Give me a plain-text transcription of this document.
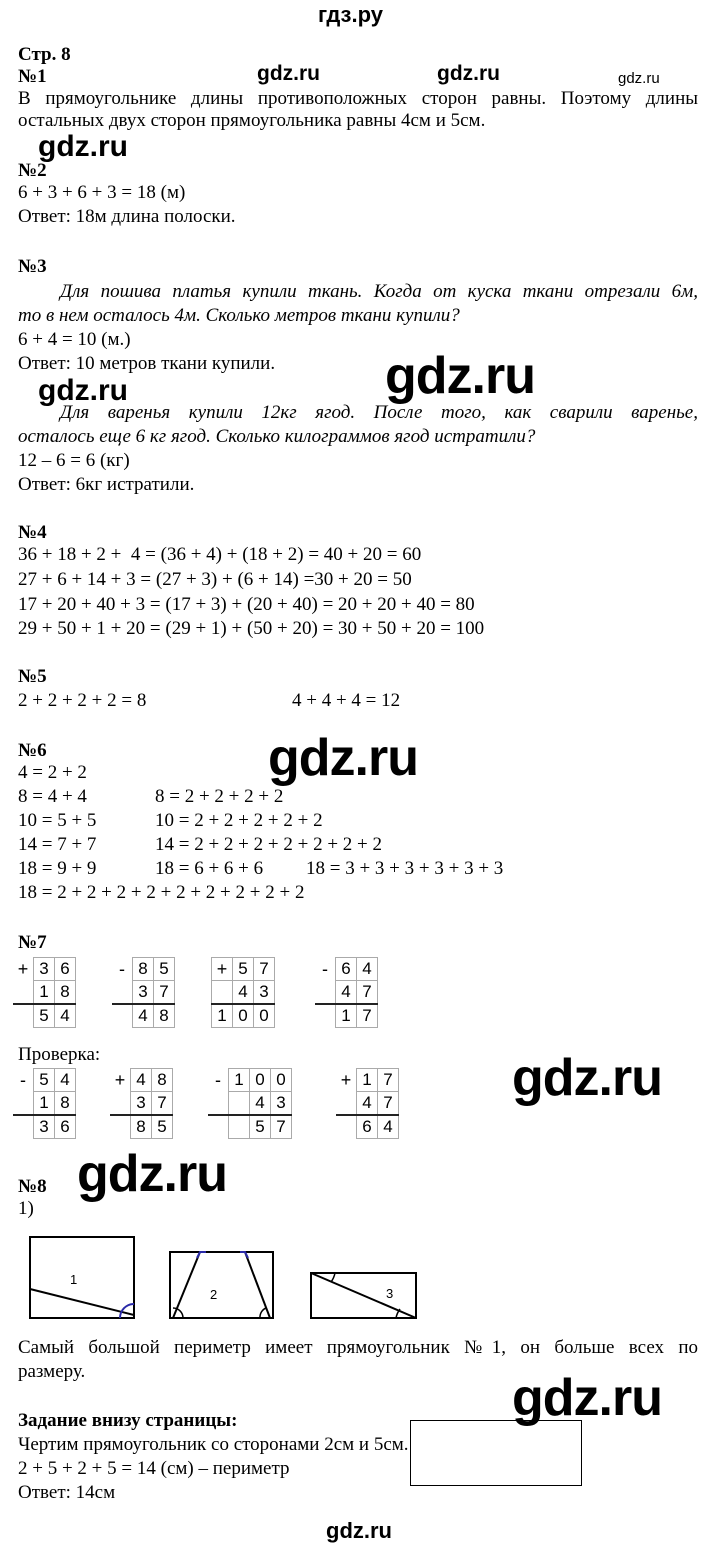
гдз.ру
gdz.ru	gdz.ru	gdz.ru
gdz.ru
gdz.ru
gdz.ru
gdz.ru
gdz.ru
gdz.ru
gdz.ru
gdz.ru
Стр. 8
№1
В прямоугольнике длины противоположных сторон равны. Поэтому длины
остальных двух сторон прямоугольника равны 4см и 5см.
№2
6 + 3 + 6 + 3 = 18 (м)
Ответ: 18м длина полоски.
№3
Для пошива платья купили ткань. Когда от куска ткани отрезали 6м,
то в нем осталось 4м. Сколько метров ткани купили?
6 + 4 = 10 (м.)
Ответ: 10 метров ткани купили.
Для варенья купили 12кг ягод. После того, как сварили варенье,
осталось еще 6 кг ягод. Сколько килограммов ягод истратили?
12 – 6 = 6 (кг)
Ответ: 6кг истратили.
№4
36 + 18 + 2 +  4 = (36 + 4) + (18 + 2) = 40 + 20 = 60
27 + 6 + 14 + 3 = (27 + 3) + (6 + 14) =30 + 20 = 50
17 + 20 + 40 + 3 = (17 + 3) + (20 + 40) = 20 + 20 + 40 = 80
29 + 50 + 1 + 20 = (29 + 1) + (50 + 20) = 30 + 50 + 20 = 100
№5
2 + 2 + 2 + 2 = 8	4 + 4 + 4 = 12
№6
4 = 2 + 2
8 = 4 + 4	8 = 2 + 2 + 2 + 2
10 = 5 + 5	10 = 2 + 2 + 2 + 2 + 2
14 = 7 + 7	14 = 2 + 2 + 2 + 2 + 2 + 2 + 2
18 = 9 + 9	18 = 6 + 6 + 6 18 = 3 + 3 + 3 + 3 + 3 + 3
18 = 2 + 2 + 2 + 2 + 2 + 2 + 2 + 2 + 2
№7
+	3	6
	1	8
	5	4
-	8	5
	3	7
	4	8
+	5	7
	4	3
1	0	0
-	6	4
	4	7
	1	7
Проверка:
-	5	4
	1	8
	3	6
+	4	8
	3	7
	8	5
-	1	0	0
		4	3
		5	7
+	1	7
	4	7
	6	4
№8
1)
1
2	3
Самый большой периметр имеет прямоугольник №1, он больше всех по
размеру.
Задание внизу страницы:
Чертим прямоугольник со сторонами 2см и 5см.
2 + 5 + 2 + 5 = 14 (см) – периметр
Ответ: 14см
